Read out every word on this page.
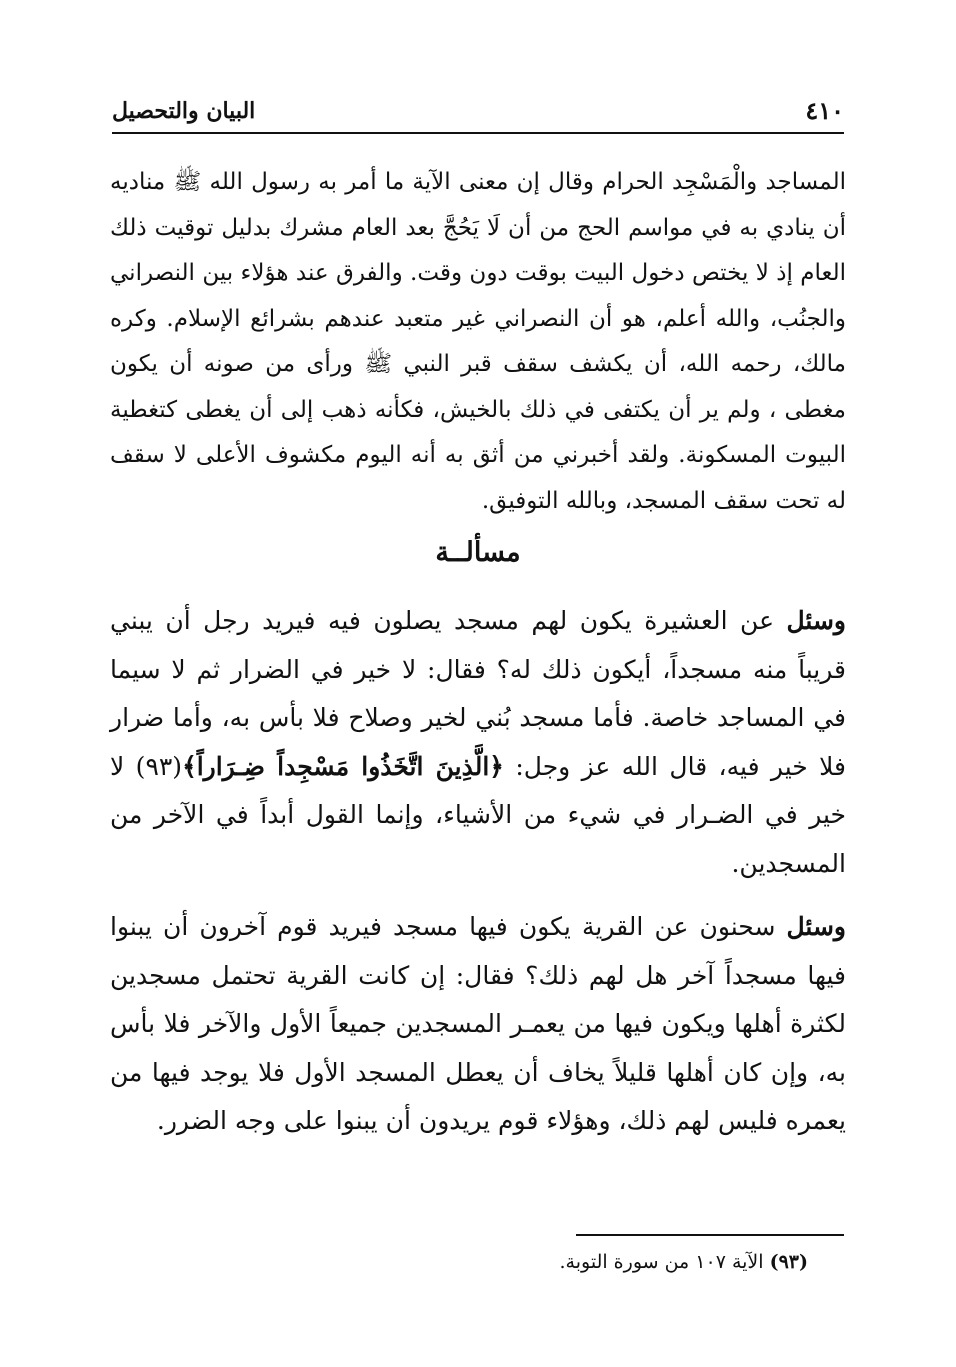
٤١٠
البيان والتحصيل

المساجد والْمَسْجِد الحرام وقال إن معنى الآية ما أمر به رسول الله ﷺ مناديه أن ينادي به في مواسم الحج من أن لَا يَحُجَّ بعد العام مشرك بدليل توقيت ذلك العام إذ لا يختص دخول البيت بوقت دون وقت. والفرق عند هؤلاء بين النصراني والجنُب، والله أعلم، هو أن النصراني غير متعبد عندهم بشرائع الإسلام. وكره مالك، رحمه الله، أن يكشف سقف قبر النبي ﷺ ورأى من صونه أن يكون مغطى ، ولم ير أن يكتفى في ذلك بالخيش، فكأنه ذهب إلى أن يغطى كتغطية البيوت المسكونة. ولقد أخبرني من أثق به أنه اليوم مكشوف الأعلى لا سقف له تحت سقف المسجد، وبالله التوفيق.

مسألــة

وسئل عن العشيرة يكون لهم مسجد يصلون فيه فيريد رجل أن يبني قريباً منه مسجداً، أيكون ذلك له؟ فقال: لا خير في الضرار ثم لا سيما في المساجد خاصة. فأما مسجد بُني لخير وصلاح فلا بأس به، وأما ضرار فلا خير فيه، قال الله عز وجل: ﴿الَّذِينَ اتَّخَذُوا مَسْجِداً ضِـرَاراً﴾(٩٣) لا خير في الضـرار في شيء من الأشياء، وإنما القول أبداً في الآخر من المسجدين.

وسئل سحنون عن القرية يكون فيها مسجد فيريد قوم آخرون أن يبنوا فيها مسجداً آخر هل لهم ذلك؟ فقال: إن كانت القرية تحتمل مسجدين لكثرة أهلها ويكون فيها من يعمـر المسجدين جميعاً الأول والآخر فلا بأس به، وإن كان أهلها قليلاً يخاف أن يعطل المسجد الأول فلا يوجد فيها من يعمره فليس لهم ذلك، وهؤلاء قوم يريدون أن يبنوا على وجه الضرر.

(٩٣) الآية ١٠٧ من سورة التوبة.
